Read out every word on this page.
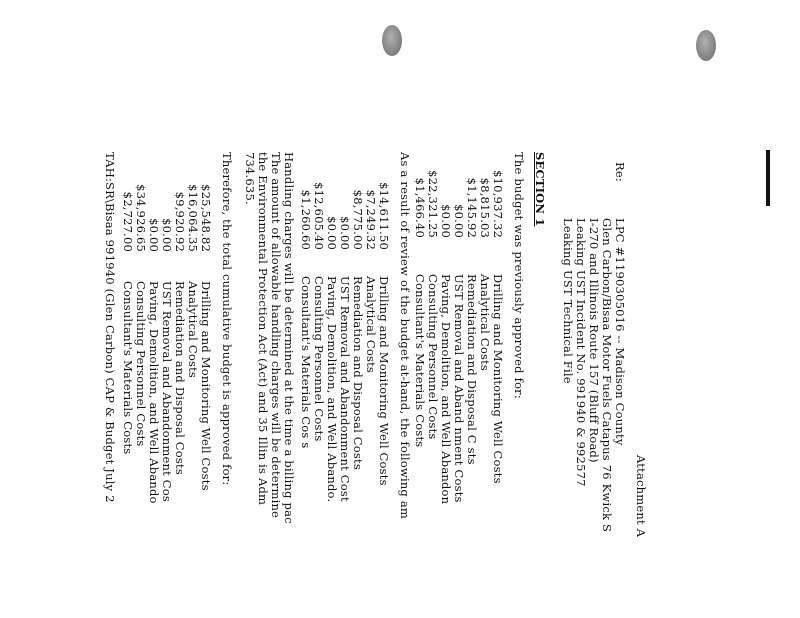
Attachment A
Re:
LPC #1190305016 -- Madison County
Glen Carbon/Bisaa Motor Fuels Catapus 76 Kwick S
I-270 and Illinois Route 157 (Bluff Road)
Leaking UST Incident No. 991940 & 992577
Leaking UST Technical File
SECTION 1
The budget was previously approved for:
$10,937.32
Drilling and Monitoring Well Costs
$8,815.03
Analytical Costs
$1,145.92
Remediation and Disposal C sts
$0.00
UST Removal and Aband nment Costs
$0.00
Paving, Demolition, and Well Abandon
$22,321.25
Consulting Personnel Costs
$1,466.40
Consultant's Materials Costs
As a result of review of the budget at-hand, the following am
$14,611.50
Drilling and Monitoring Well Costs
$7,249.32
Analytical Costs
$8,775.00
Remediation and Disposal Costs
$0.00
UST Removal and Abandonment Cost
$0.00
Paving, Demolition, and Well Abando.
$12,605.40
Consulting Personnel Costs
$1,260.60
Consultant's Materials Cos s
Handling charges will be determined at the time a billing pac
The amount of allowable handling charges will be determine
the Environmental Protection Act (Act) and 35 Illin is Adm
734.635.
Therefore, the total cumulative budget is approved for:
$25,548.82
Drilling and Monitoring Well Costs
$16,064.35
Analytical Costs
$9,920.92
Remediation and Disposal Costs
$0.00
UST Removal and Abandonment Cos
$0.00
Paving, Demolition, and Well Abando
$34,926.65
Consulting Personnel Costs
$2,727.00
Consultant's Materials Costs
TAH:SR\Bisaa 991940 (Glen Carbon) CAP & Budget July 2
